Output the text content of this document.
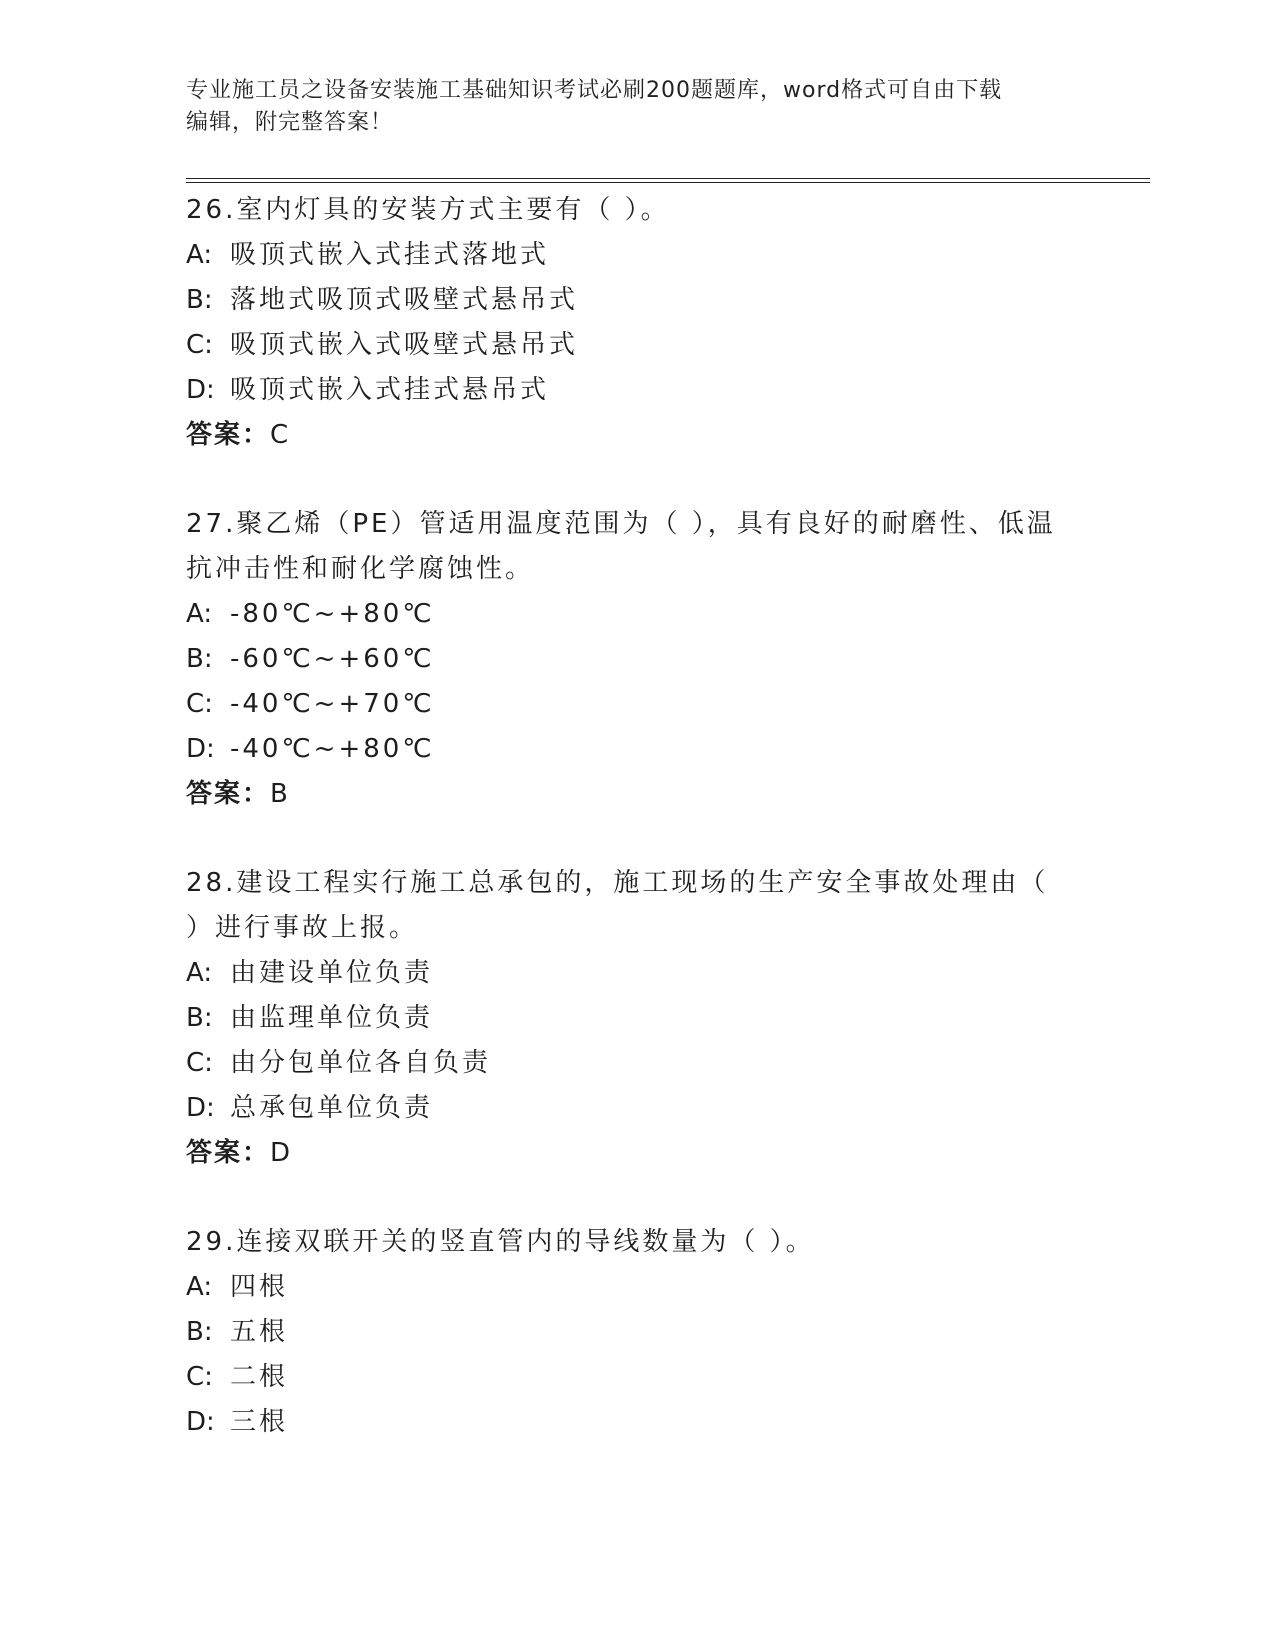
专业施工员之设备安装施工基础知识考试必刷200题题库，word格式可自由下载
编辑，附完整答案！
26.室内灯具的安装方式主要有（ ）。
A: 吸顶式嵌入式挂式落地式
B: 落地式吸顶式吸壁式悬吊式
C: 吸顶式嵌入式吸壁式悬吊式
D: 吸顶式嵌入式挂式悬吊式
答案：C
27.聚乙烯（PE）管适用温度范围为（ ），具有良好的耐磨性、低温
抗冲击性和耐化学腐蚀性。
A: -80℃~+80℃
B: -60℃~+60℃
C: -40℃~+70℃
D: -40℃~+80℃
答案：B
28.建设工程实行施工总承包的，施工现场的生产安全事故处理由（
）进行事故上报。
A: 由建设单位负责
B: 由监理单位负责
C: 由分包单位各自负责
D: 总承包单位负责
答案：D
29.连接双联开关的竖直管内的导线数量为（ ）。
A: 四根
B: 五根
C: 二根
D: 三根
